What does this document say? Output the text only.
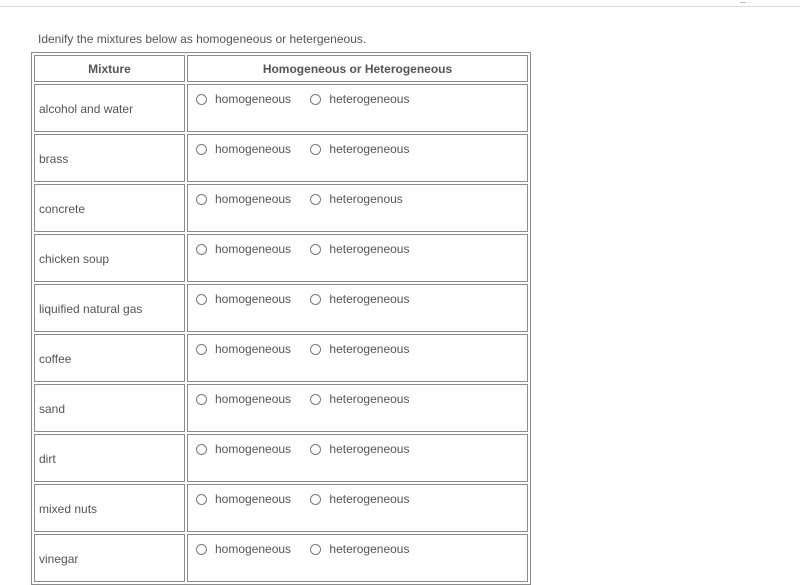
Idenify the mixtures below as homogeneous or hetergeneous.
Mixture	Homogeneous or Heterogeneous
alcohol and water	homogeneous
heterogeneous

brass	homogeneous
heterogeneous

concrete	homogeneous
heterogenous

chicken soup	homogeneous
heterogeneous

liquified natural gas	homogeneous
heterogeneous

coffee	homogeneous
heterogeneous

sand	homogeneous
heterogeneous

dirt	homogeneous
heterogeneous

mixed nuts	homogeneous
heterogeneous

vinegar	homogeneous
heterogeneous
